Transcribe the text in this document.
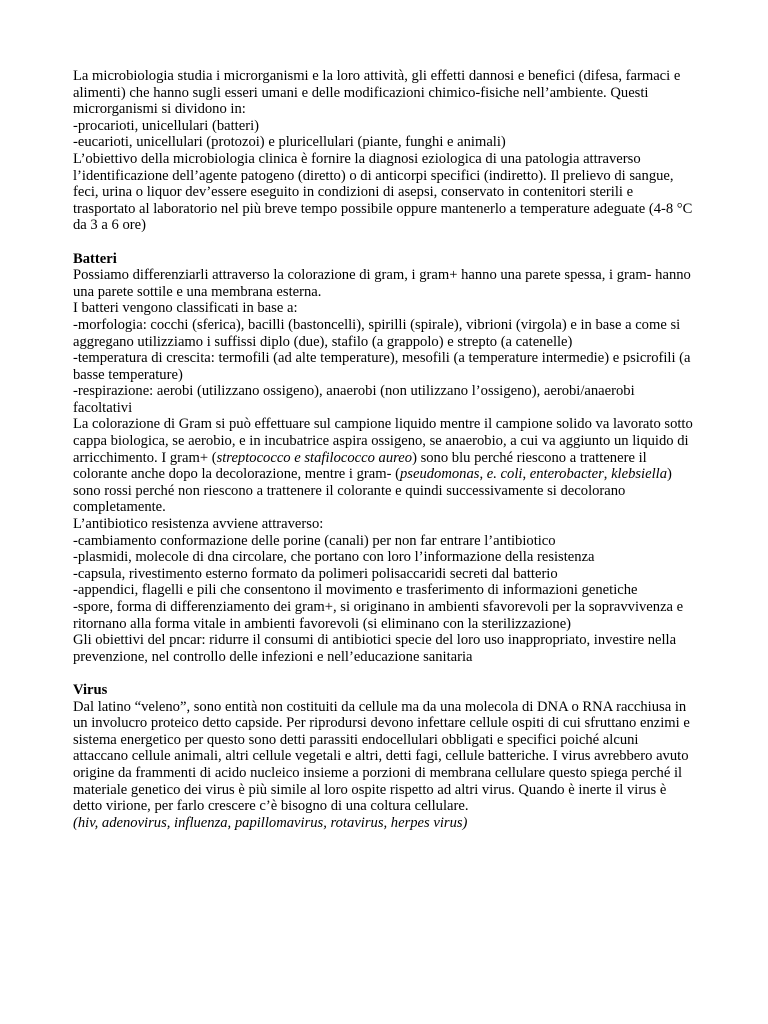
La microbiologia studia i microrganismi e la loro attività, gli effetti dannosi e benefici (difesa, farmaci e alimenti) che hanno sugli esseri umani e delle modificazioni chimico-fisiche nell’ambiente. Questi microrganismi si dividono in:

-procarioti, unicellulari (batteri)

-eucarioti, unicellulari (protozoi) e pluricellulari (piante, funghi e animali)

L’obiettivo della microbiologia clinica è fornire la diagnosi eziologica di una patologia attraverso l’identificazione dell’agente patogeno (diretto) o di anticorpi specifici (indiretto). Il prelievo di sangue, feci, urina o liquor dev’essere eseguito in condizioni di asepsi, conservato in contenitori sterili e trasportato al laboratorio nel più breve tempo possibile oppure mantenerlo a temperature adeguate (4-8 °C da 3 a 6 ore)

Batteri

Possiamo differenziarli attraverso la colorazione di gram, i gram+ hanno una parete spessa, i gram- hanno una parete sottile e una membrana esterna.

I batteri vengono classificati in base a:

-morfologia: cocchi (sferica), bacilli (bastoncelli), spirilli (spirale), vibrioni (virgola) e in base a come si aggregano utilizziamo i suffissi diplo (due), stafilo (a grappolo) e strepto (a catenelle)

-temperatura di crescita: termofili (ad alte temperature), mesofili (a temperature intermedie) e psicrofili (a basse temperature)

-respirazione: aerobi (utilizzano ossigeno), anaerobi (non utilizzano l’ossigeno), aerobi/anaerobi facoltativi

La colorazione di Gram si può effettuare sul campione liquido mentre il campione solido va lavorato sotto cappa biologica, se aerobio, e in incubatrice aspira ossigeno, se anaerobio, a cui va aggiunto un liquido di arricchimento. I gram+ (streptococco e stafilococco aureo) sono blu perché riescono a trattenere il colorante anche dopo la decolorazione, mentre i gram- (pseudomonas, e. coli, enterobacter, klebsiella) sono rossi perché non riescono a trattenere il colorante e quindi successivamente si decolorano completamente.

L’antibiotico resistenza avviene attraverso:

-cambiamento conformazione delle porine (canali) per non far entrare l’antibiotico

-plasmidi, molecole di dna circolare, che portano con loro l’informazione della resistenza

-capsula, rivestimento esterno formato da polimeri polisaccaridi secreti dal batterio

-appendici, flagelli e pili che consentono il movimento e trasferimento di informazioni genetiche

-spore, forma di differenziamento dei gram+, si originano in ambienti sfavorevoli per la sopravvivenza e ritornano alla forma vitale in ambienti favorevoli (si eliminano con la sterilizzazione)

Gli obiettivi del pncar: ridurre il consumi di antibiotici specie del loro uso inappropriato, investire nella prevenzione, nel controllo delle infezioni e nell’educazione sanitaria

Virus

Dal latino “veleno”, sono entità non costituiti da cellule ma da una molecola di DNA o RNA racchiusa in un involucro proteico detto capside. Per riprodursi devono infettare cellule ospiti di cui sfruttano enzimi e sistema energetico per questo sono detti parassiti endocellulari obbligati e specifici poiché alcuni attaccano cellule animali, altri cellule vegetali e altri, detti fagi, cellule batteriche. I virus avrebbero avuto origine da frammenti di acido nucleico insieme a porzioni di membrana cellulare questo spiega perché il materiale genetico dei virus è più simile al loro ospite rispetto ad altri virus. Quando è inerte il virus è detto virione, per farlo crescere c’è bisogno di una coltura cellulare.

(hiv, adenovirus, influenza, papillomavirus, rotavirus, herpes virus)
